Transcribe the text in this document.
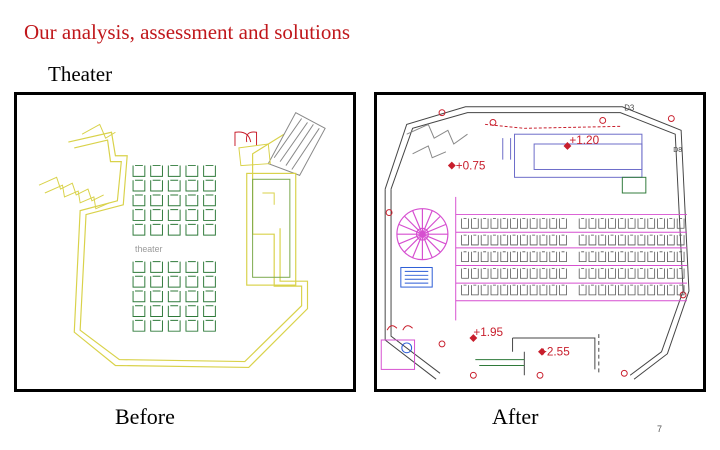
Our analysis, assessment and solutions
Theater
theater
+1.20
+0.75
+1.95
+2.55
D3
D8
Before	After	7
